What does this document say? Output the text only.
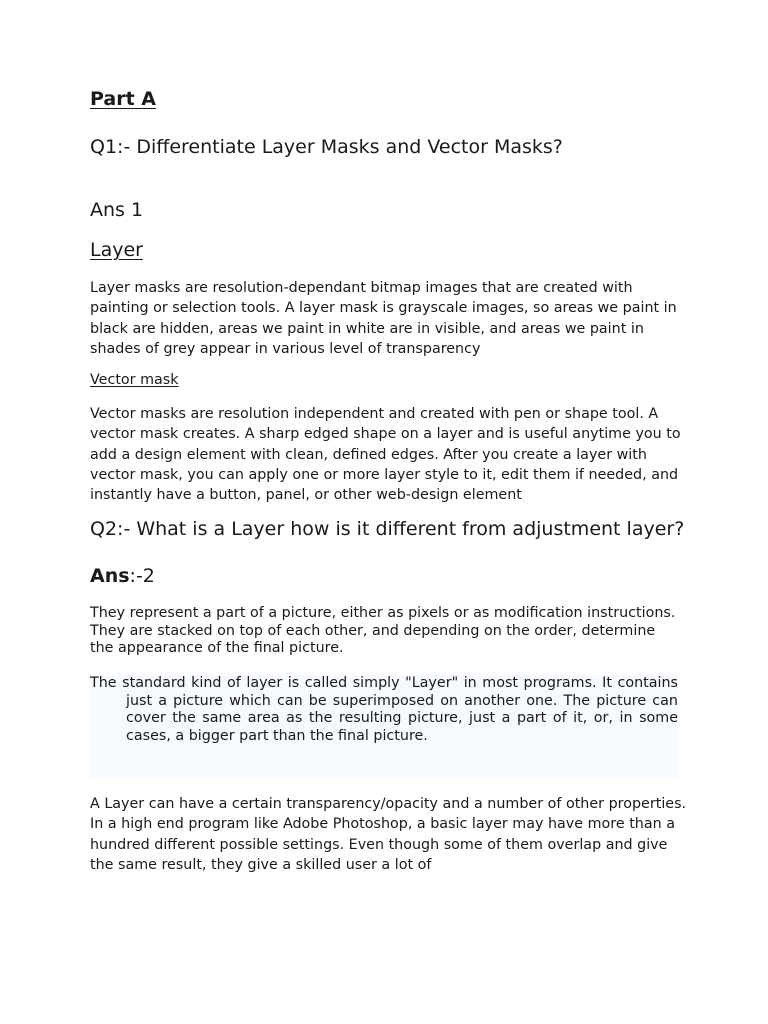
Part A
Q1:- Differentiate Layer Masks and Vector Masks?
Ans 1
Layer

Layer masks are resolution-dependant bitmap images that are created with painting or selection tools. A layer mask is grayscale images, so areas we paint in black are hidden, areas we paint in white are in visible, and areas we paint in shades of grey appear in various level of transparency

Vector mask

Vector masks are resolution independent and created with pen or shape tool. A vector mask creates. A sharp edged shape on a layer and is useful anytime you to add a design element with clean, defined edges. After you create a layer with vector mask, you can apply one or more layer style to it, edit them if needed, and instantly have a button, panel, or other web-design element

Q2:- What is a Layer how is it different from adjustment layer?

Ans:-2

They represent a part of a picture, either as pixels or as modification instructions. They are stacked on top of each other, and depending on the order, determine the appearance of the final picture.

The standard kind of layer is called simply "Layer" in most programs. It contains just a picture which can be superimposed on another one. The picture can cover the same area as the resulting picture, just a part of it, or, in some cases, a bigger part than the final picture.

A Layer can have a certain transparency/opacity and a number of other properties. In a high end program like Adobe Photoshop, a basic layer may have more than a hundred different possible settings. Even though some of them overlap and give the same result, they give a skilled user a lot of
